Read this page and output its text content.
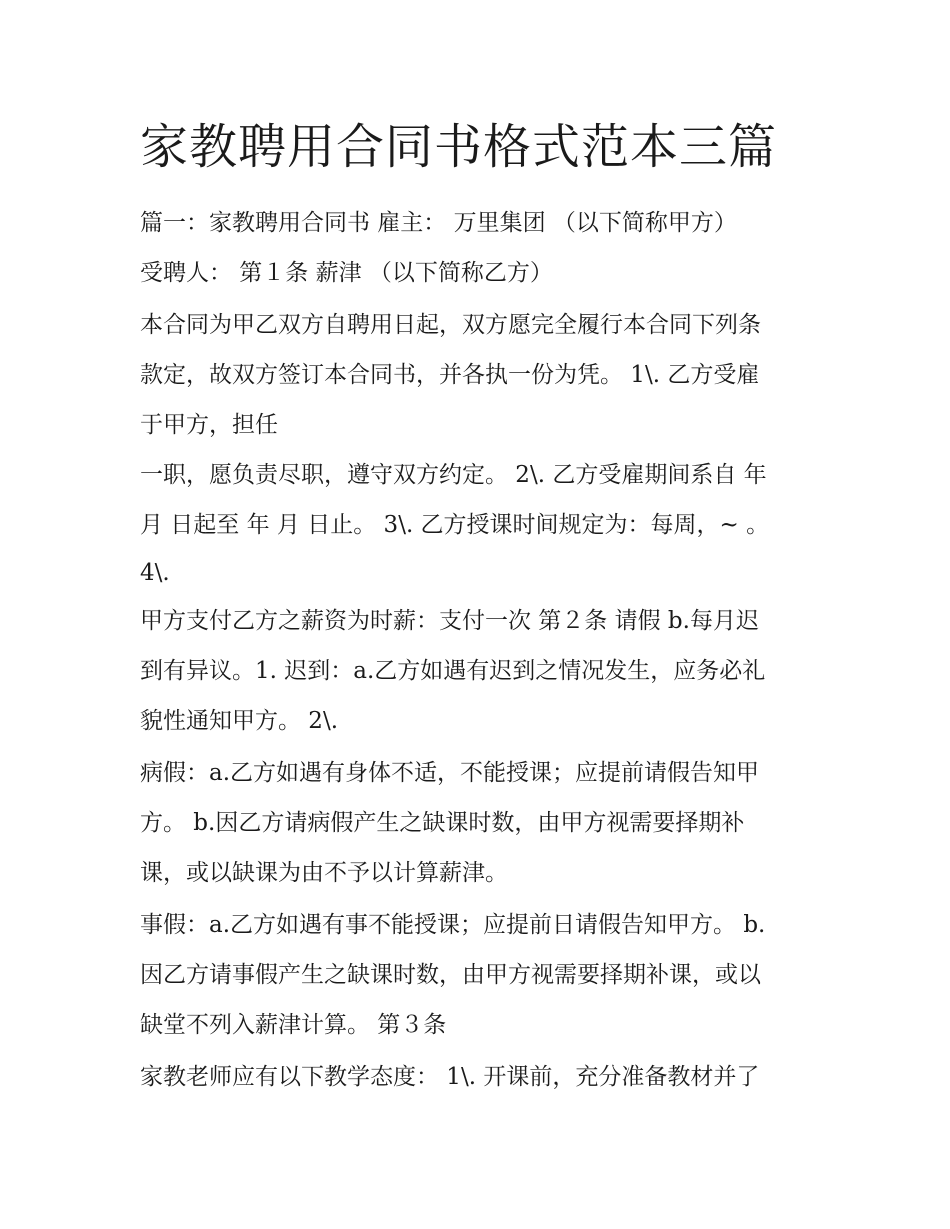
家教聘用合同书格式范本三篇
篇一：家教聘用合同书 雇主： 万里集团 （以下简称甲方）
受聘人： 第１条 薪津 （以下简称乙方）
本合同为甲乙双方自聘用日起，双方愿完全履行本合同下列条
款定，故双方签订本合同书，并各执一份为凭。 1\. 乙方受雇
于甲方，担任
一职，愿负责尽职，遵守双方约定。 2\. 乙方受雇期间系自 年
月 日起至 年 月 日止。 3\. 乙方授课时间规定为：每周，~ 。
4\.
甲方支付乙方之薪资为时薪：支付一次 第２条 请假 b.每月迟
到有异议。1. 迟到：a.乙方如遇有迟到之情况发生，应务必礼
貌性通知甲方。 2\.
病假：a.乙方如遇有身体不适，不能授课；应提前请假告知甲
方。 b.因乙方请病假产生之缺课时数，由甲方视需要择期补
课，或以缺课为由不予以计算薪津。
事假：a.乙方如遇有事不能授课；应提前日请假告知甲方。 b.
因乙方请事假产生之缺课时数，由甲方视需要择期补课，或以
缺堂不列入薪津计算。 第３条
家教老师应有以下教学态度： 1\. 开课前，充分准备教材并了
